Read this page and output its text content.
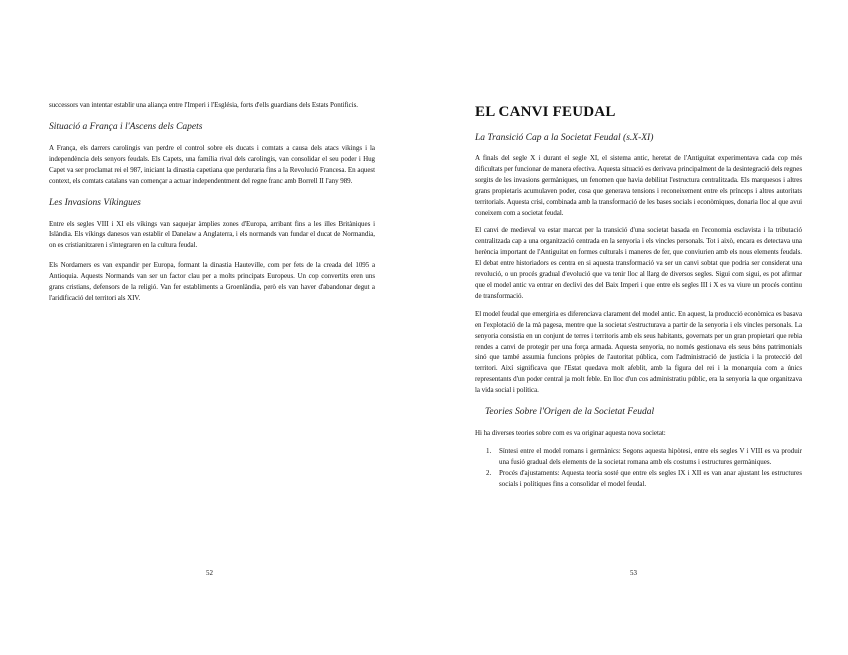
successors van intentar establir una aliança entre l'Imperi i l'Església, forts d'ells guardians dels Estats Pontificis.

Situació a França i l'Ascens dels Capets

A França, els darrers carolingis van perdre el control sobre els ducats i comtats a causa dels atacs vikings i la independència dels senyors feudals. Els Capets, una família rival dels carolingis, van consolidar el seu poder i Hug Capet va ser proclamat rei el 987, iniciant la dinastia capetiana que perduraria fins a la Revolució Francesa. En aquest context, els comtats catalans van començar a actuar independentment del regne franc amb Borrell II l'any 989.

Les Invasions Víkingues

Entre els segles VIII i XI els víkings van saquejar àmplies zones d'Europa, arribant fins a les illes Britàniques i Islàndia. Els víkings danesos van establir el Danelaw a Anglaterra, i els normands van fundar el ducat de Normandia, on es cristianitzaren i s'integraren en la cultura feudal.

Els Nordamers es van expandir per Europa, formant la dinastia Hauteville, com per fets de la creada del 1095 a Antioquia. Aquests Normands van ser un factor clau per a molts principats Europeus. Un cop convertits eren uns grans cristians, defensors de la religió. Van fer establiments a Groenlàndia, però els van haver d'abandonar degut a l'aridificació del territori als XIV.

52
EL CANVI FEUDAL
La Transició Cap a la Societat Feudal (s.X-XI)

A finals del segle X i durant el segle XI, el sistema antic, heretat de l'Antiguitat experimentava cada cop més dificultats per funcionar de manera efectiva. Aquesta situació es derivava principalment de la desintegració dels regnes sorgits de les invasions germàniques, un fenomen que havia debilitat l'estructura centralitzada. Els marquesos i altres grans propietaris acumulaven poder, cosa que generava tensions i reconeixement entre els prínceps i altres autoritats territorials. Aquesta crisi, combinada amb la transformació de les bases socials i econòmiques, donaria lloc al que avui coneixem com a societat feudal.

El canvi de medieval va estar marcat per la transició d'una societat basada en l'economia esclavista i la tributació centralitzada cap a una organització centrada en la senyoria i els vincles personals. Tot i això, encara es detectava una herència important de l'Antiguitat en formes culturals i maneres de fer, que conviurien amb els nous elements feudals. El debat entre historiadors es centra en si aquesta transformació va ser un canvi sobtat que podria ser considerat una revolució, o un procés gradual d'evolució que va tenir lloc al llarg de diversos segles. Sigui com sigui, es pot afirmar que el model antic va entrar en declivi des del Baix Imperi i que entre els segles III i X es va viure un procés continu de transformació.

El model feudal que emergiria es diferenciava clarament del model antic. En aquest, la producció econòmica es basava en l'explotació de la mà pagesa, mentre que la societat s'estructurava a partir de la senyoria i els vincles personals. La senyoria consistia en un conjunt de terres i territoris amb els seus habitants, governats per un gran propietari que rebia rendes a canvi de protegir per una força armada. Aquesta senyoria, no només gestionava els seus béns patrimonials sinó que també assumia funcions pròpies de l'autoritat pública, com l'administració de justícia i la protecció del territori. Així significava que l'Estat quedava molt afeblit, amb la figura del rei i la monarquia com a únics representants d'un poder central ja molt feble. En lloc d'un cos administratiu públic, era la senyoria la que organitzava la vida social i política.

Teories Sobre l'Origen de la Societat Feudal

Hi ha diverses teories sobre com es va originar aquesta nova societat:

1. Síntesi entre el model romans i germànics: Segons aquesta hipòtesi, entre els segles V i VIII es va produir una fusió gradual dels elements de la societat romana amb els costums i estructures germàniques.
2. Procés d'ajustaments: Aquesta teoria sosté que entre els segles IX i XII es van anar ajustant les estructures socials i polítiques fins a consolidar el model feudal.
53
